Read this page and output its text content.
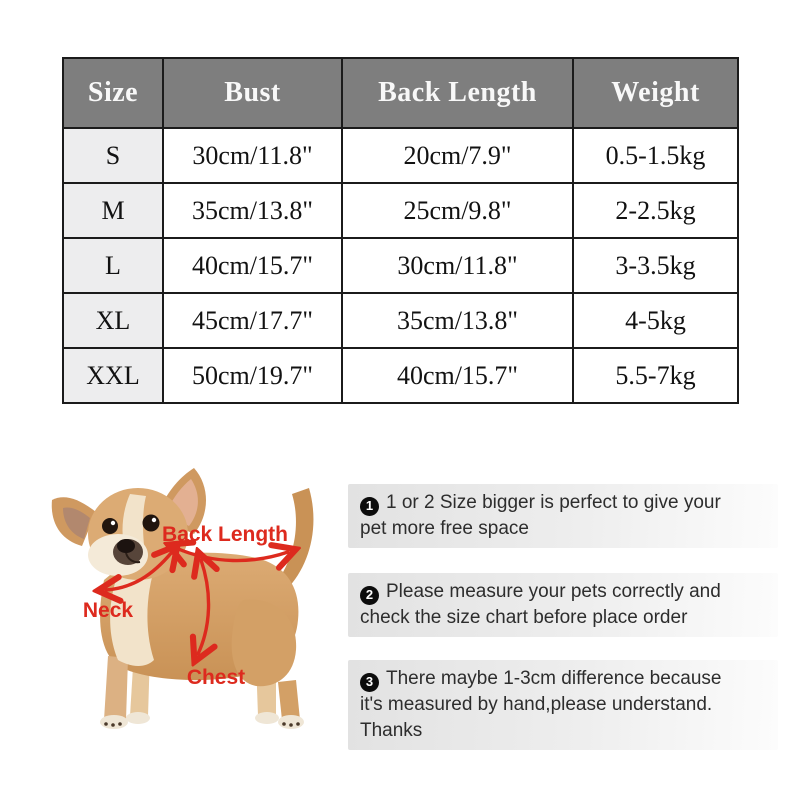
Size	Bust	Back Length	Weight
S	30cm/11.8"	20cm/7.9"	0.5-1.5kg
M	35cm/13.8"	25cm/9.8"	2-2.5kg
L	40cm/15.7"	30cm/11.8"	3-3.5kg
XL	45cm/17.7"	35cm/13.8"	4-5kg
XXL	50cm/19.7"	40cm/15.7"	5.5-7kg
Back Length
Neck
Chest
1 1 or 2 Size bigger is perfect to give your
pet more free space
2 Please measure your pets correctly and
check the size chart before place order
3 There maybe 1-3cm difference because
it's measured by hand,please understand.
Thanks
